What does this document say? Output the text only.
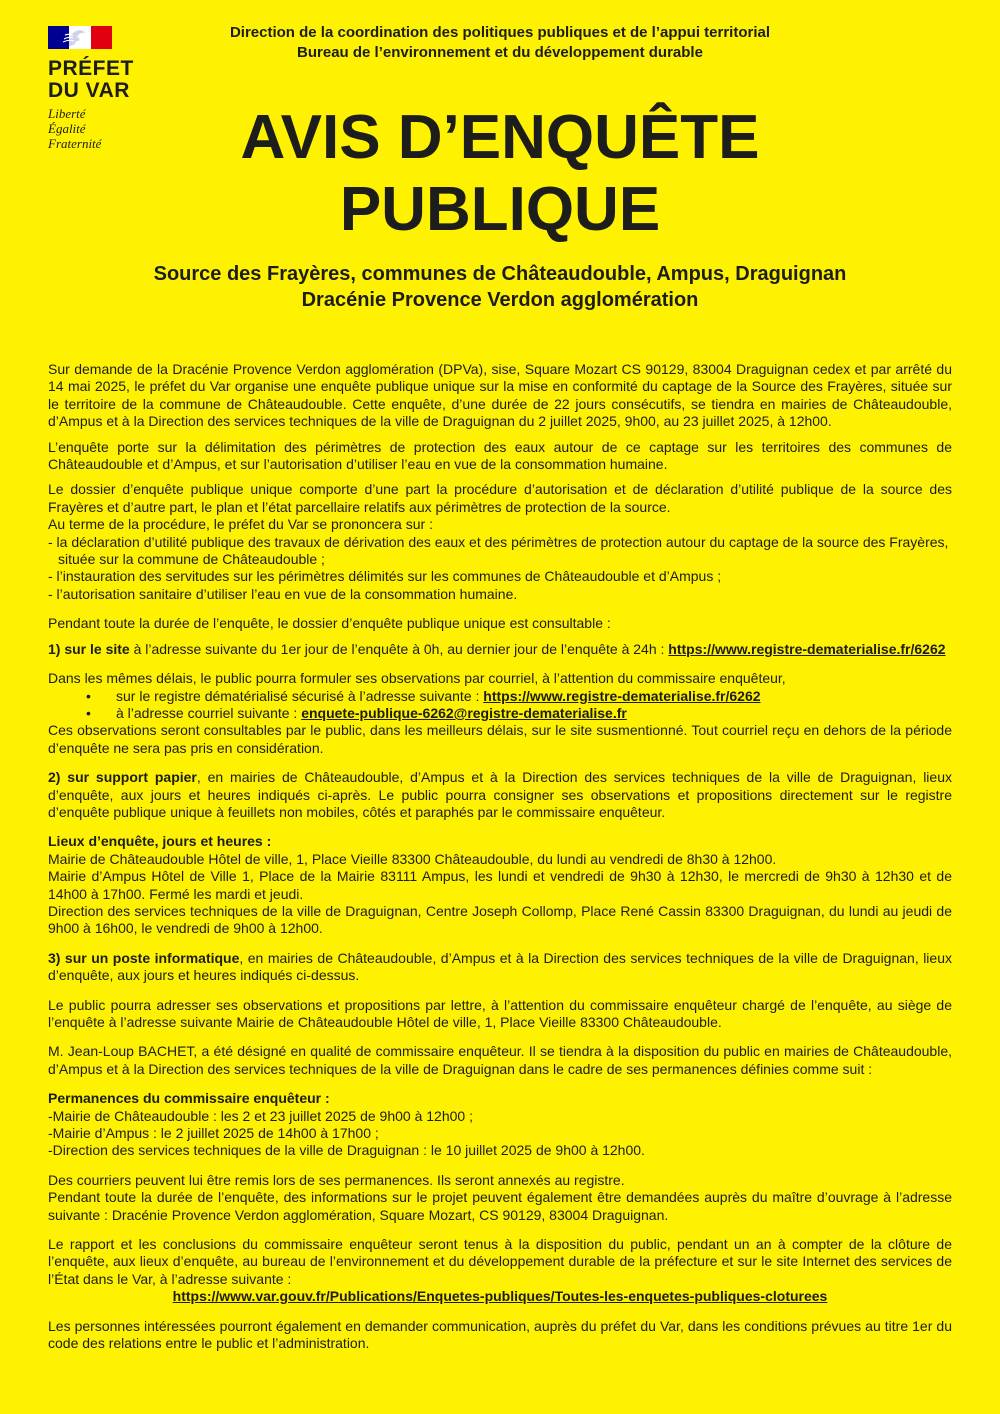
PRÉFET
DU VAR
Liberté
Égalité
Fraternité
Direction de la coordination des politiques publiques et de l’appui territorial
Bureau de l’environnement et du développement durable
AVIS D’ENQUÊTE
PUBLIQUE
Source des Frayères, communes de Châteaudouble, Ampus, Draguignan
Dracénie Provence Verdon agglomération

Sur demande de la Dracénie Provence Verdon agglomération (DPVa), sise, Square Mozart CS 90129, 83004 Draguignan cedex et par arrêté du 14 mai 2025, le préfet du Var organise une enquête publique unique sur la mise en conformité du captage de la Source des Frayères, située sur le territoire de la commune de Châteaudouble. Cette enquête, d’une durée de 22 jours consécutifs, se tiendra en mairies de Châteaudouble, d’Ampus et à la Direction des services techniques de la ville de Draguignan du 2 juillet 2025, 9h00, au 23 juillet 2025, à 12h00.

L’enquête porte sur la délimitation des périmètres de protection des eaux autour de ce captage sur les territoires des communes de Châteaudouble et d’Ampus, et sur l’autorisation d’utiliser l’eau en vue de la consommation humaine.

Le dossier d’enquête publique unique comporte d’une part la procédure d’autorisation et de déclaration d’utilité publique de la source des Frayères et d’autre part, le plan et l’état parcellaire relatifs aux périmètres de protection de la source.

Au terme de la procédure, le préfet du Var se prononcera sur :

- la déclaration d’utilité publique des travaux de dérivation des eaux et des périmètres de protection autour du captage de la source des Frayères,

située sur la commune de Châteaudouble ;

- l’instauration des servitudes sur les périmètres délimités sur les communes de Châteaudouble et d’Ampus ;

- l’autorisation sanitaire d’utiliser l’eau en vue de la consommation humaine.

Pendant toute la durée de l’enquête, le dossier d’enquête publique unique est consultable :

1) sur le site à l’adresse suivante du 1er jour de l’enquête à 0h, au dernier jour de l’enquête à 24h : https://www.registre-dematerialise.fr/6262

Dans les mêmes délais, le public pourra formuler ses observations par courriel, à l’attention du commissaire enquêteur,

•	sur le registre dématérialisé sécurisé à l’adresse suivante : https://www.registre-dematerialise.fr/6262
•	à l’adresse courriel suivante : enquete-publique-6262@registre-dematerialise.fr

Ces observations seront consultables par le public, dans les meilleurs délais, sur le site susmentionné. Tout courriel reçu en dehors de la période d’enquête ne sera pas pris en considération.

2) sur support papier, en mairies de Châteaudouble, d’Ampus et à la Direction des services techniques de la ville de Draguignan, lieux d’enquête, aux jours et heures indiqués ci-après. Le public pourra consigner ses observations et propositions directement sur le registre d’enquête publique unique à feuillets non mobiles, côtés et paraphés par le commissaire enquêteur.

Lieux d’enquête, jours et heures :

Mairie de Châteaudouble Hôtel de ville, 1, Place Vieille 83300 Châteaudouble, du lundi au vendredi de 8h30 à 12h00.

Mairie d’Ampus Hôtel de Ville 1, Place de la Mairie 83111 Ampus, les lundi et vendredi de 9h30 à 12h30, le mercredi de 9h30 à 12h30 et de 14h00 à 17h00. Fermé les mardi et jeudi.

Direction des services techniques de la ville de Draguignan, Centre Joseph Collomp, Place René Cassin 83300 Draguignan, du lundi au jeudi de 9h00 à 16h00, le vendredi de 9h00 à 12h00.

3) sur un poste informatique, en mairies de Châteaudouble, d’Ampus et à la Direction des services techniques de la ville de Draguignan, lieux d’enquête, aux jours et heures indiqués ci-dessus.

Le public pourra adresser ses observations et propositions par lettre, à l’attention du commissaire enquêteur chargé de l’enquête, au siège de l’enquête à l’adresse suivante Mairie de Châteaudouble Hôtel de ville, 1, Place Vieille 83300 Châteaudouble.

M. Jean-Loup BACHET, a été désigné en qualité de commissaire enquêteur. Il se tiendra à la disposition du public en mairies de Châteaudouble, d’Ampus et à la Direction des services techniques de la ville de Draguignan dans le cadre de ses permanences définies comme suit :

Permanences du commissaire enquêteur :

-Mairie de Châteaudouble : les 2 et 23 juillet 2025 de 9h00 à 12h00 ;

-Mairie d’Ampus : le 2 juillet 2025 de 14h00 à 17h00 ;

-Direction des services techniques de la ville de Draguignan : le 10 juillet 2025 de 9h00 à 12h00.

Des courriers peuvent lui être remis lors de ses permanences. Ils seront annexés au registre.

Pendant toute la durée de l’enquête, des informations sur le projet peuvent également être demandées auprès du maître d’ouvrage à l’adresse suivante : Dracénie Provence Verdon agglomération, Square Mozart, CS 90129, 83004 Draguignan.

Le rapport et les conclusions du commissaire enquêteur seront tenus à la disposition du public, pendant un an à compter de la clôture de l’enquête, aux lieux d’enquête, au bureau de l’environnement et du développement durable de la préfecture et sur le site Internet des services de l’État dans le Var, à l’adresse suivante :

https://www.var.gouv.fr/Publications/Enquetes-publiques/Toutes-les-enquetes-publiques-cloturees

Les personnes intéressées pourront également en demander communication, auprès du préfet du Var, dans les conditions prévues au titre 1er du code des relations entre le public et l’administration.
